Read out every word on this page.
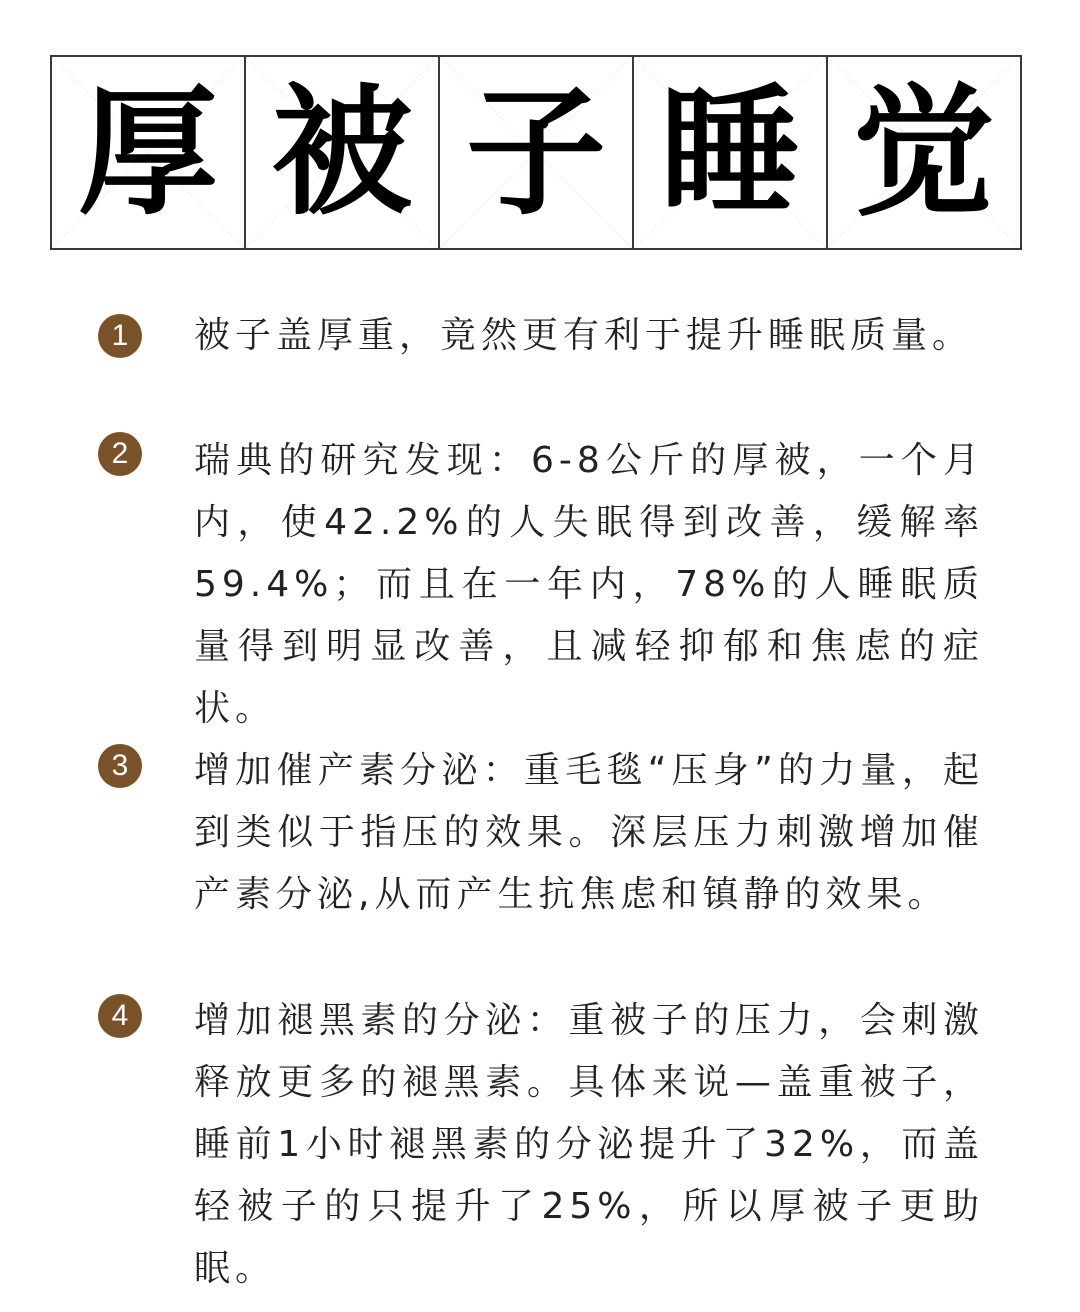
厚 被 子 睡 觉
1	被子盖厚重，竟然更有利于提升睡眠质量。

2	瑞典的研究发现：6-8公斤的厚被，一个月内，使42.2%的人失眠得到改善，缓解率59.4%；而且在一年内，78%的人睡眠质量得到明显改善，且减轻抑郁和焦虑的症状。

3	增加催产素分泌：重毛毯“压身”的力量，起到类似于指压的效果。深层压力刺激增加催产素分泌,从而产生抗焦虑和镇静的效果。

4	增加褪黑素的分泌：重被子的压力，会刺激释放更多的褪黑素。具体来说—盖重被子，睡前1小时褪黑素的分泌提升了32%，而盖轻被子的只提升了25%，所以厚被子更助眠。
